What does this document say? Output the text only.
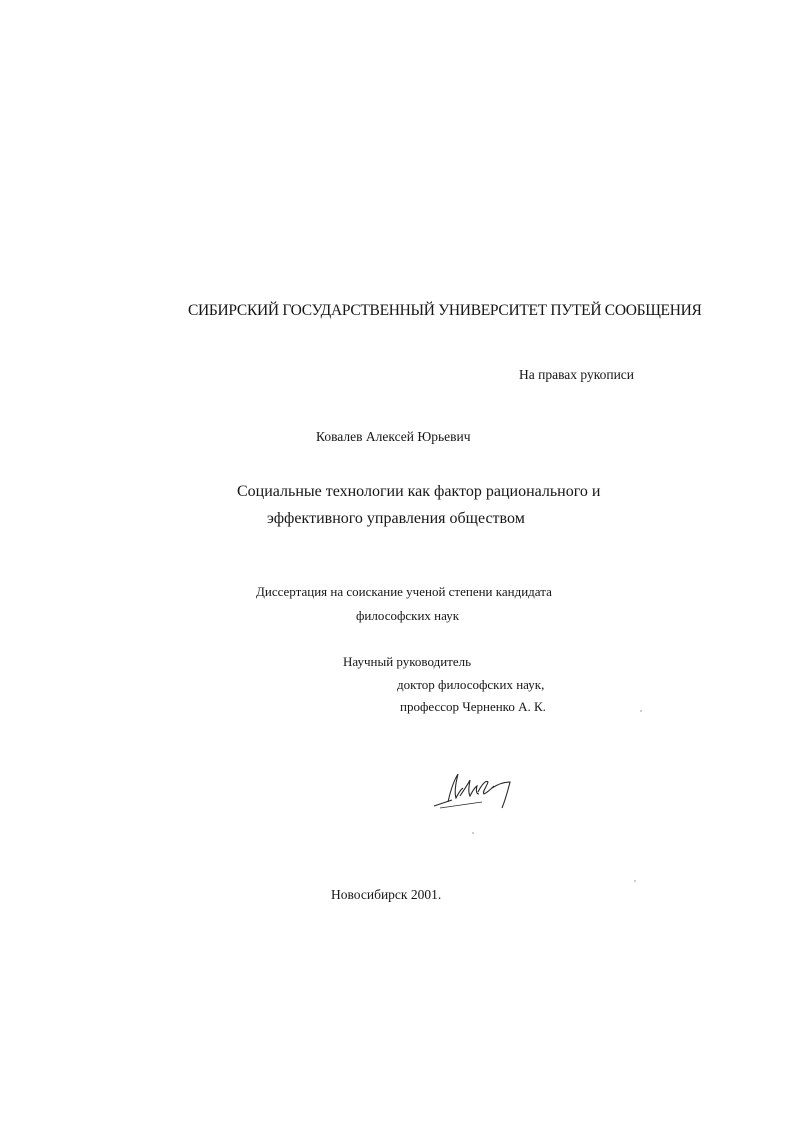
СИБИРСКИЙ ГОСУДАРСТВЕННЫЙ УНИВЕРСИТЕТ ПУТЕЙ СООБЩЕНИЯ
На правах рукописи
Ковалев Алексей Юрьевич
Социальные технологии как фактор рационального и
эффективного управления обществом
Диссертация на соискание ученой степени кандидата
философских наук
Научный руководитель
доктор философских наук,
профессор Черненко А. К.
Новосибирск 2001.
